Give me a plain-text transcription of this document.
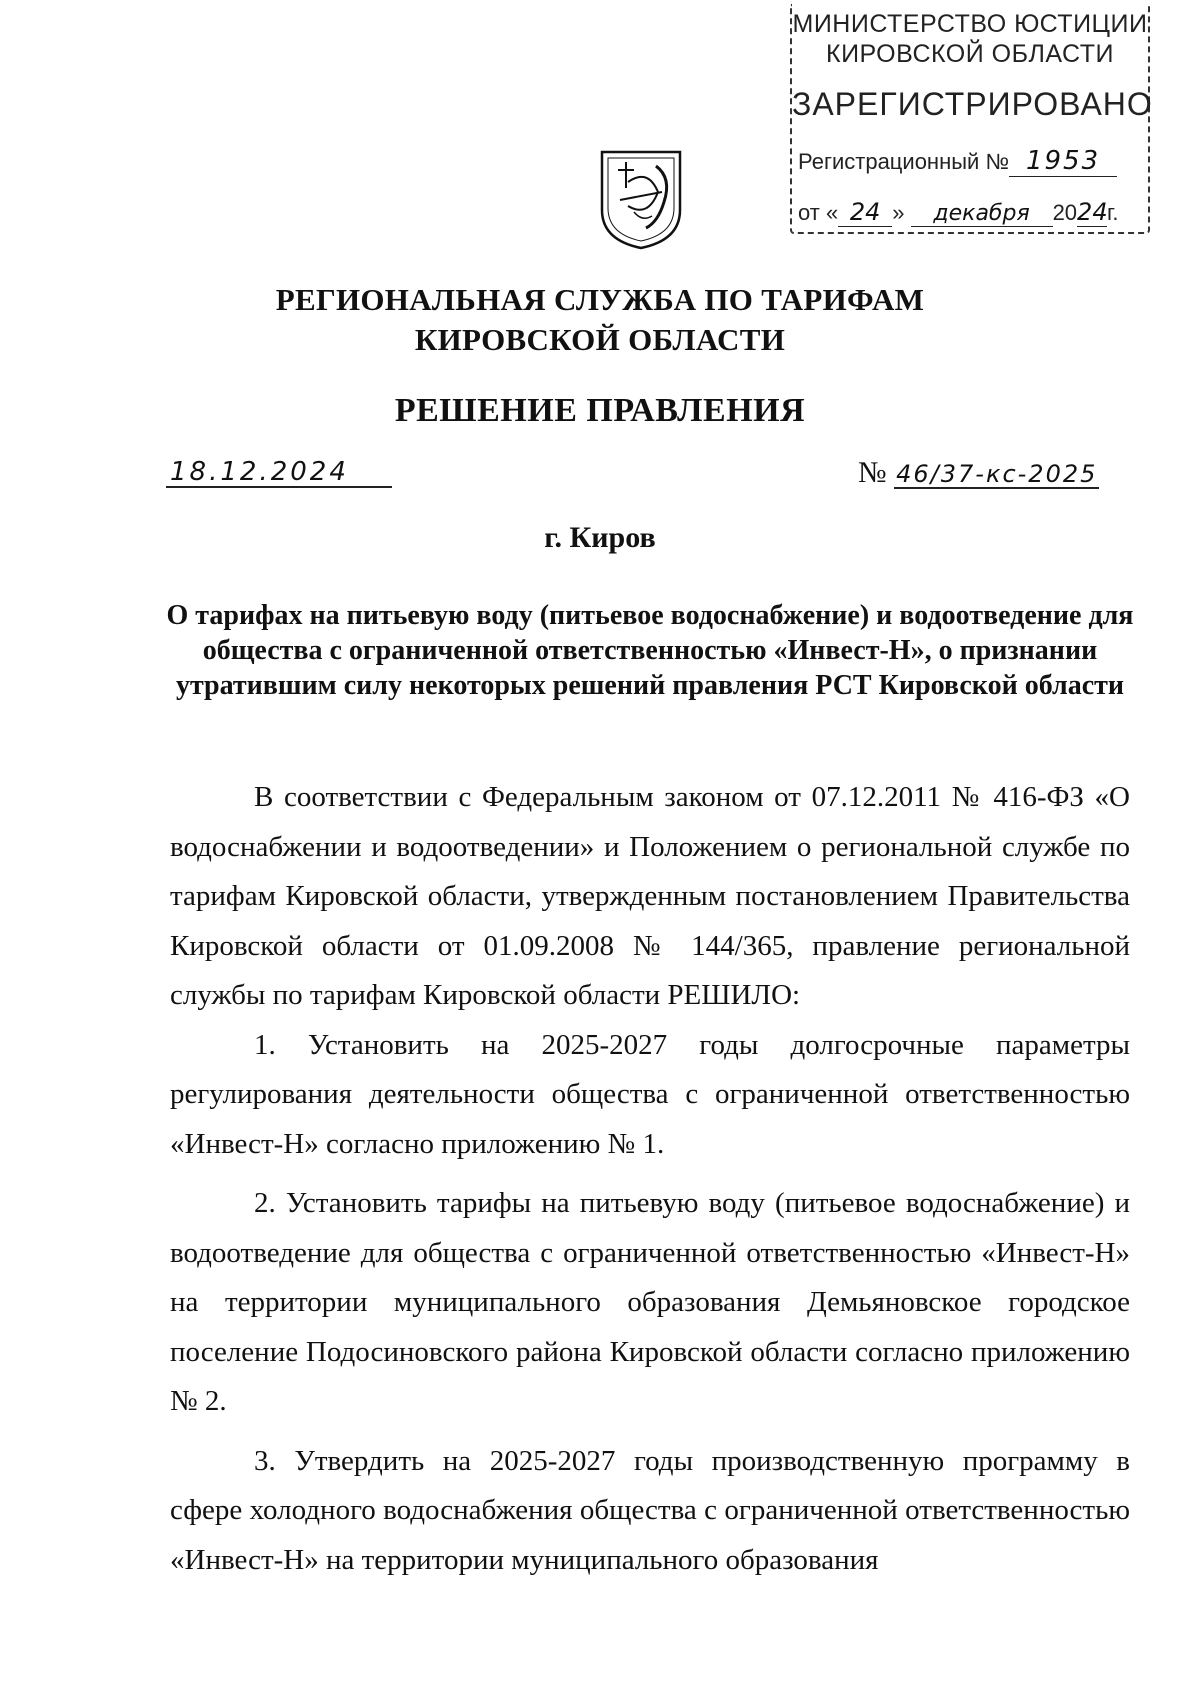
МИНИСТЕРСТВО ЮСТИЦИИ
КИРОВСКОЙ ОБЛАСТИ
ЗАРЕГИСТРИРОВАНО
Регистрационный № 1953
от « 24 » декабря 2024г.
РЕГИОНАЛЬНАЯ СЛУЖБА ПО ТАРИФАМ
КИРОВСКОЙ ОБЛАСТИ
РЕШЕНИЕ ПРАВЛЕНИЯ
18.12.2024	№ 46/37-кс-2025
г. Киров
О тарифах на питьевую воду (питьевое водоснабжение) и водоотведение для общества с ограниченной ответственностью «Инвест-Н», о признании утратившим силу некоторых решений правления РСТ Кировской области

В соответствии с Федеральным законом от 07.12.2011 № 416-ФЗ «О водоснабжении и водоотведении» и Положением о региональной службе по тарифам Кировской области, утвержденным постановлением Правительства Кировской области от 01.09.2008 № 144/365, правление региональной службы по тарифам Кировской области РЕШИЛО:

1. Установить на 2025-2027 годы долгосрочные параметры регулирования деятельности общества с ограниченной ответственностью «Инвест-Н» согласно приложению № 1.

2. Установить тарифы на питьевую воду (питьевое водоснабжение) и водоотведение для общества с ограниченной ответственностью «Инвест-Н» на территории муниципального образования Демьяновское городское поселение Подосиновского района Кировской области согласно приложению № 2.

3. Утвердить на 2025-2027 годы производственную программу в сфере холодного водоснабжения общества с ограниченной ответственностью «Инвест-Н» на территории муниципального образования
